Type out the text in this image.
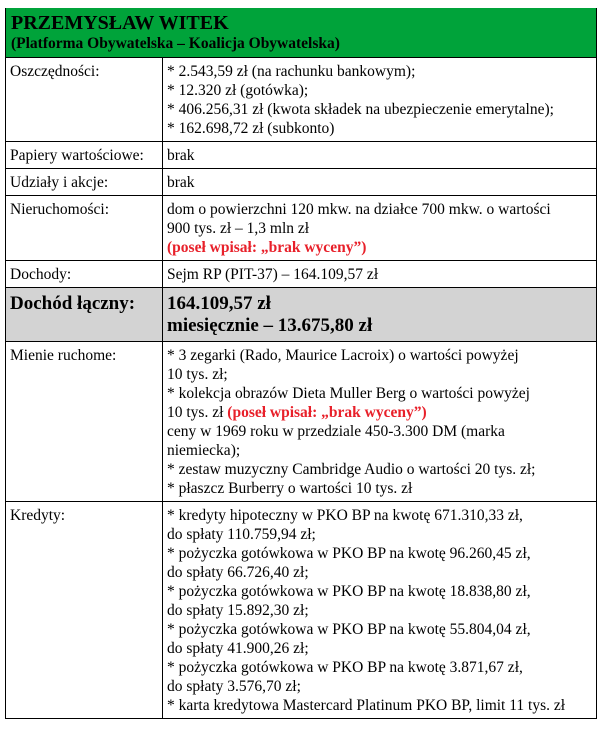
PRZEMYSŁAW WITEK
(Platforma Obywatelska – Koalicja Obywatelska)
Oszczędności:	* 2.543,59 zł (na rachunku bankowym);
* 12.320 zł (gotówka);
* 406.256,31 zł (kwota składek na ubezpieczenie emerytalne);
* 162.698,72 zł (subkonto)

Papiery wartościowe:	brak
Udziały i akcje:	brak
Nieruchomości:	dom o powierzchni 120 mkw. na działce 700 mkw. o wartości
900 tys. zł – 1,3 mln zł
(poseł wpisał: „brak wyceny”)

Dochody:	Sejm RP (PIT-37) – 164.109,57 zł
Dochód łączny:	164.109,57 zł
miesięcznie – 13.675,80 zł

Mienie ruchome:	* 3 zegarki (Rado, Maurice Lacroix) o wartości powyżej
10 tys. zł;
* kolekcja obrazów Dieta Muller Berg o wartości powyżej
10 tys. zł (poseł wpisał: „brak wyceny”)
ceny w 1969 roku w przedziale 450-3.300 DM (marka
niemiecka);
* zestaw muzyczny Cambridge Audio o wartości 20 tys. zł;
* płaszcz Burberry o wartości 10 tys. zł

Kredyty:	* kredyty hipoteczny w PKO BP na kwotę 671.310,33 zł,
do spłaty 110.759,94 zł;
* pożyczka gotówkowa w PKO BP na kwotę 96.260,45 zł,
do spłaty 66.726,40 zł;
* pożyczka gotówkowa w PKO BP na kwotę 18.838,80 zł,
do spłaty 15.892,30 zł;
* pożyczka gotówkowa w PKO BP na kwotę 55.804,04 zł,
do spłaty 41.900,26 zł;
* pożyczka gotówkowa w PKO BP na kwotę 3.871,67 zł,
do spłaty 3.576,70 zł;
* karta kredytowa Mastercard Platinum PKO BP, limit 11 tys. zł
